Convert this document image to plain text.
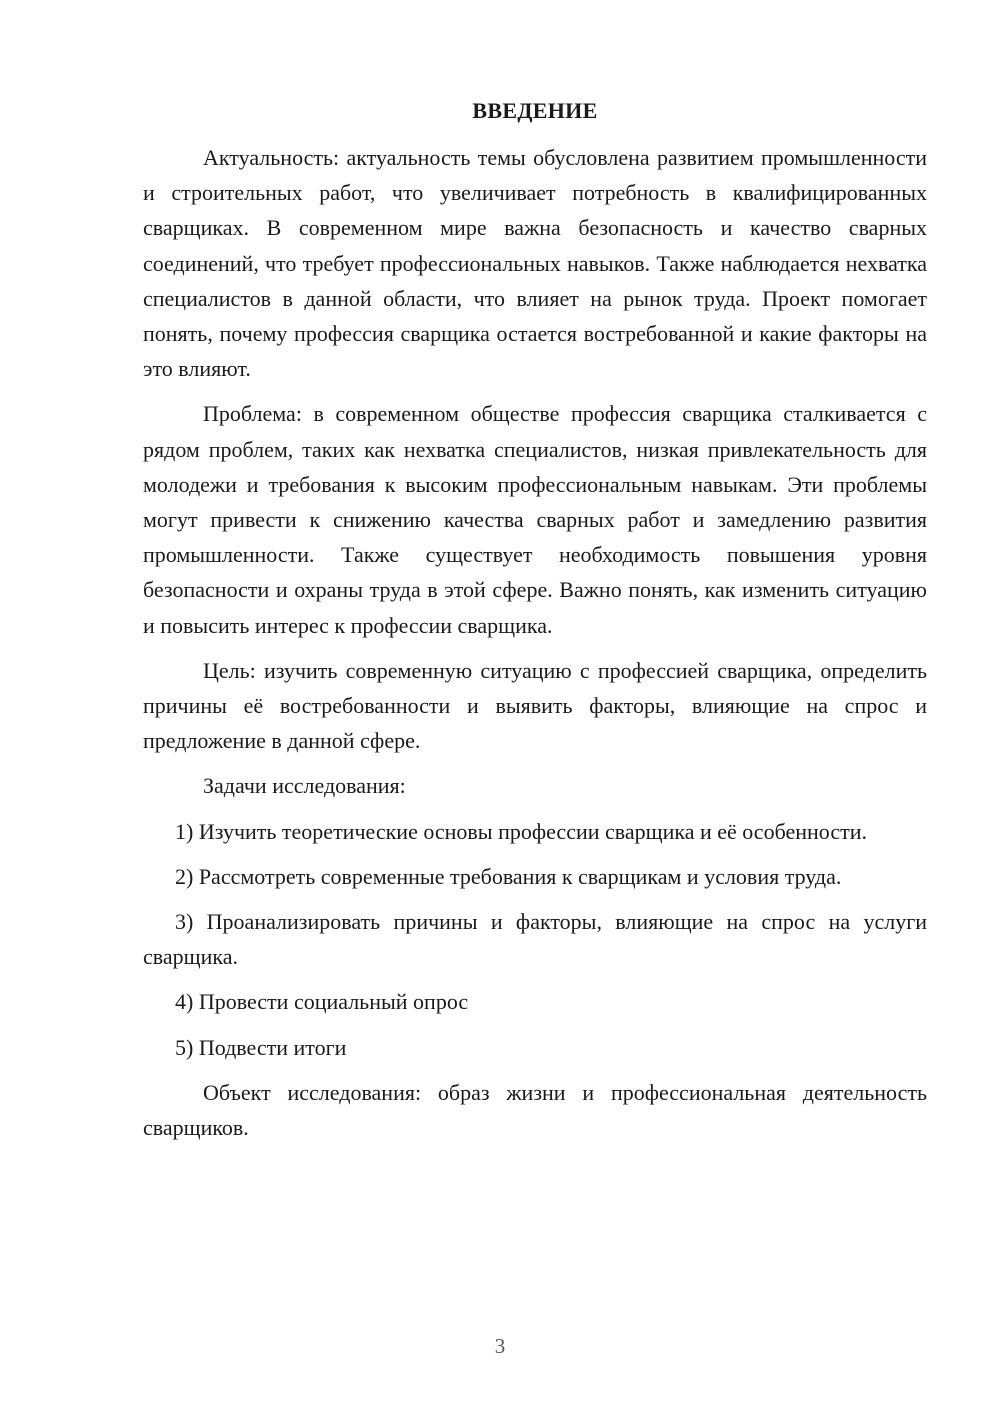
ВВЕДЕНИЕ

Актуальность: актуальность темы обусловлена развитием промышленности и строительных работ, что увеличивает потребность в квалифицированных сварщиках. В современном мире важна безопасность и качество сварных соединений, что требует профессиональных навыков. Также наблюдается нехватка специалистов в данной области, что влияет на рынок труда. Проект помогает понять, почему профессия сварщика остается востребованной и какие факторы на это влияют.

Проблема: в современном обществе профессия сварщика сталкивается с рядом проблем, таких как нехватка специалистов, низкая привлекательность для молодежи и требования к высоким профессиональным навыкам. Эти проблемы могут привести к снижению качества сварных работ и замедлению развития промышленности. Также существует необходимость повышения уровня безопасности и охраны труда в этой сфере. Важно понять, как изменить ситуацию и повысить интерес к профессии сварщика.

Цель: изучить современную ситуацию с профессией сварщика, определить причины её востребованности и выявить факторы, влияющие на спрос и предложение в данной сфере.

Задачи исследования:

1) Изучить теоретические основы профессии сварщика и её особенности.

2) Рассмотреть современные требования к сварщикам и условия труда.

3) Проанализировать причины и факторы, влияющие на спрос на услуги сварщика.

4) Провести социальный опрос

5) Подвести итоги

Объект исследования: образ жизни и профессиональная деятельность сварщиков.

3
